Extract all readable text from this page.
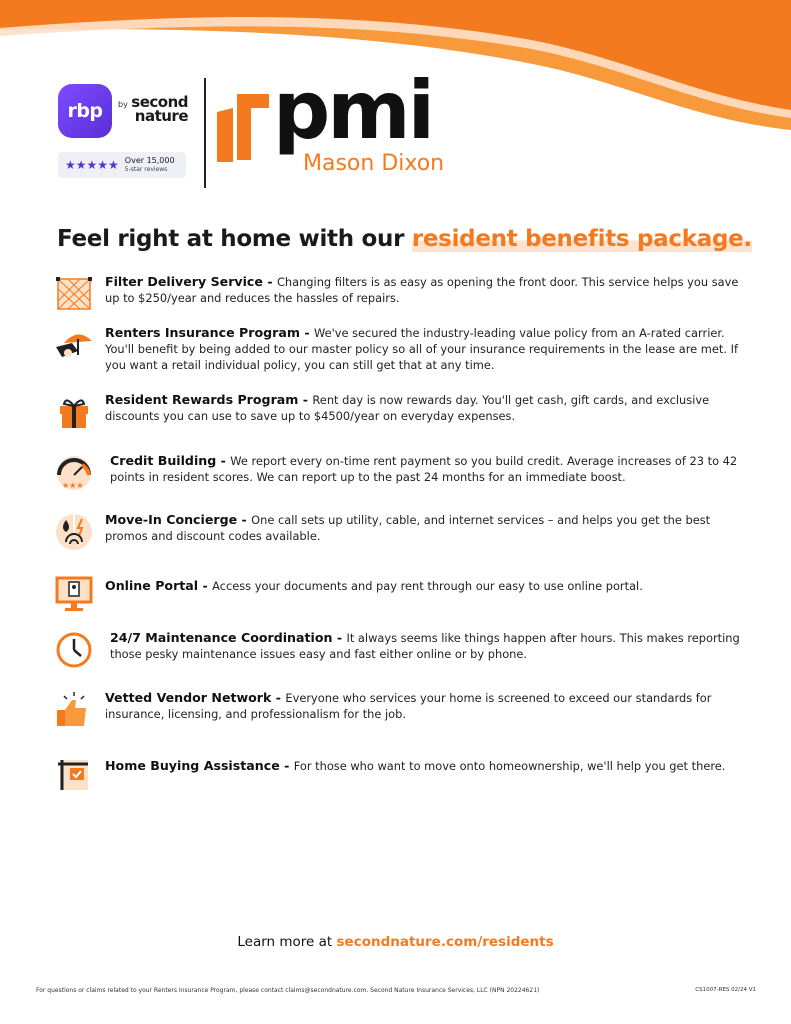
rbp by second
nature
★★★★★ Over 15,000
5-star reviews
pmi
Mason Dixon
Feel right at home with our resident benefits package.
Filter Delivery Service - Changing filters is as easy as opening the front door. This service helps you save up to $250/year and reduces the hassles of repairs.
Renters Insurance Program - We've secured the industry-leading value policy from an A-rated carrier. You'll benefit by being added to our master policy so all of your insurance requirements in the lease are met. If you want a retail individual policy, you can still get that at any time.
Resident Rewards Program - Rent day is now rewards day. You'll get cash, gift cards, and exclusive discounts you can use to save up to $4500/year on everyday expenses.
★★★
Credit Building - We report every on-time rent payment so you build credit. Average increases of 23 to 42 points in resident scores. We can report up to the past 24 months for an immediate boost.
Move-In Concierge - One call sets up utility, cable, and internet services – and helps you get the best promos and discount codes available.
Online Portal - Access your documents and pay rent through our easy to use online portal.
24/7 Maintenance Coordination - It always seems like things happen after hours. This makes reporting those pesky maintenance issues easy and fast either online or by phone.
Vetted Vendor Network - Everyone who services your home is screened to exceed our standards for insurance, licensing, and professionalism for the job.
Home Buying Assistance - For those who want to move onto homeownership, we'll help you get there.
Learn more at secondnature.com/residents
For questions or claims related to your Renters Insurance Program, please contact claims@secondnature.com. Second Nature Insurance Services, LLC (NPN 20224621)	CS1007-RES 02/24 V1
